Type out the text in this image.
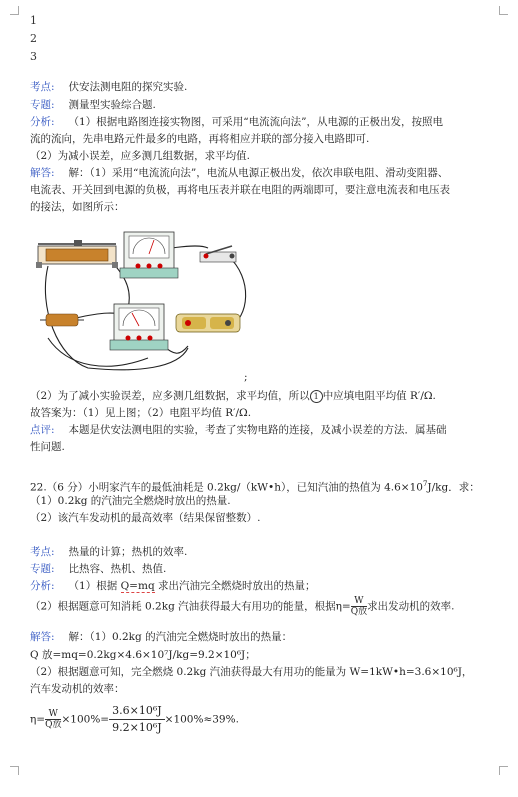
1
2
3
考点: 伏安法测电阻的探究实验.
专题: 测量型实验综合题.
分析: （1）根据电路图连接实物图，可采用“电流流向法”，从电源的正极出发，按照电
流的流向，先串电路元件最多的电路，再将相应并联的部分接入电路即可.
（2）为减小误差，应多测几组数据，求平均值.
解答: 解：（1）采用“电流流向法”，电流从电源正极出发，依次串联电阻、滑动变阻器、
电流表、开关回到电源的负极，再将电压表并联在电阻的两端即可，要注意电流表和电压表
的接法，如图所示：
;
（2）为了减小实验误差，应多测几组数据，求平均值，所以 1 中应填电阻平均值 R′/Ω.
故答案为：（1）见上图；（2）电阻平均值 R′/Ω.
点评: 本题是伏安法测电阻的实验，考查了实物电路的连接，及减小误差的方法．属基础
性问题.
22.（6 分）小明家汽车的最低油耗是 0.2kg/（kW•h），已知汽油的热值为 $4.6\times 10^7J/kg$．求：
（1）0.2kg 的汽油完全燃烧时放出的热量.
（2）该汽车发动机的最高效率（结果保留整数）.
考点: 热量的计算；热机的效率.
专题: 比热容、热机、热值.
分析: （1）根据 Q=mq 求出汽油完全燃烧时放出的热量；
（2）根据题意可知消耗 0.2kg 汽油获得最大有用功的能量，根据$\eta= \frac{W}{\text{Q放}}$ 求出发动机的效率.
解答: 解：（1）0.2kg 的汽油完全燃烧时放出的热量：
Q 放=mq=0.2kg×4.6×10⁷J/kg=9.2×10⁶J；
（2）根据题意可知，完全燃烧 0.2kg 汽油获得最大有用功的能量为 W=1kW•h=3.6×10⁶J，
汽车发动机的效率：
$\eta= \frac{W}{\text{Q放}} \times 100\%= \frac{\text{3.6×10⁶J}}{\text{9.2×10⁶J}} \times 100\%\approx 39\%$.
